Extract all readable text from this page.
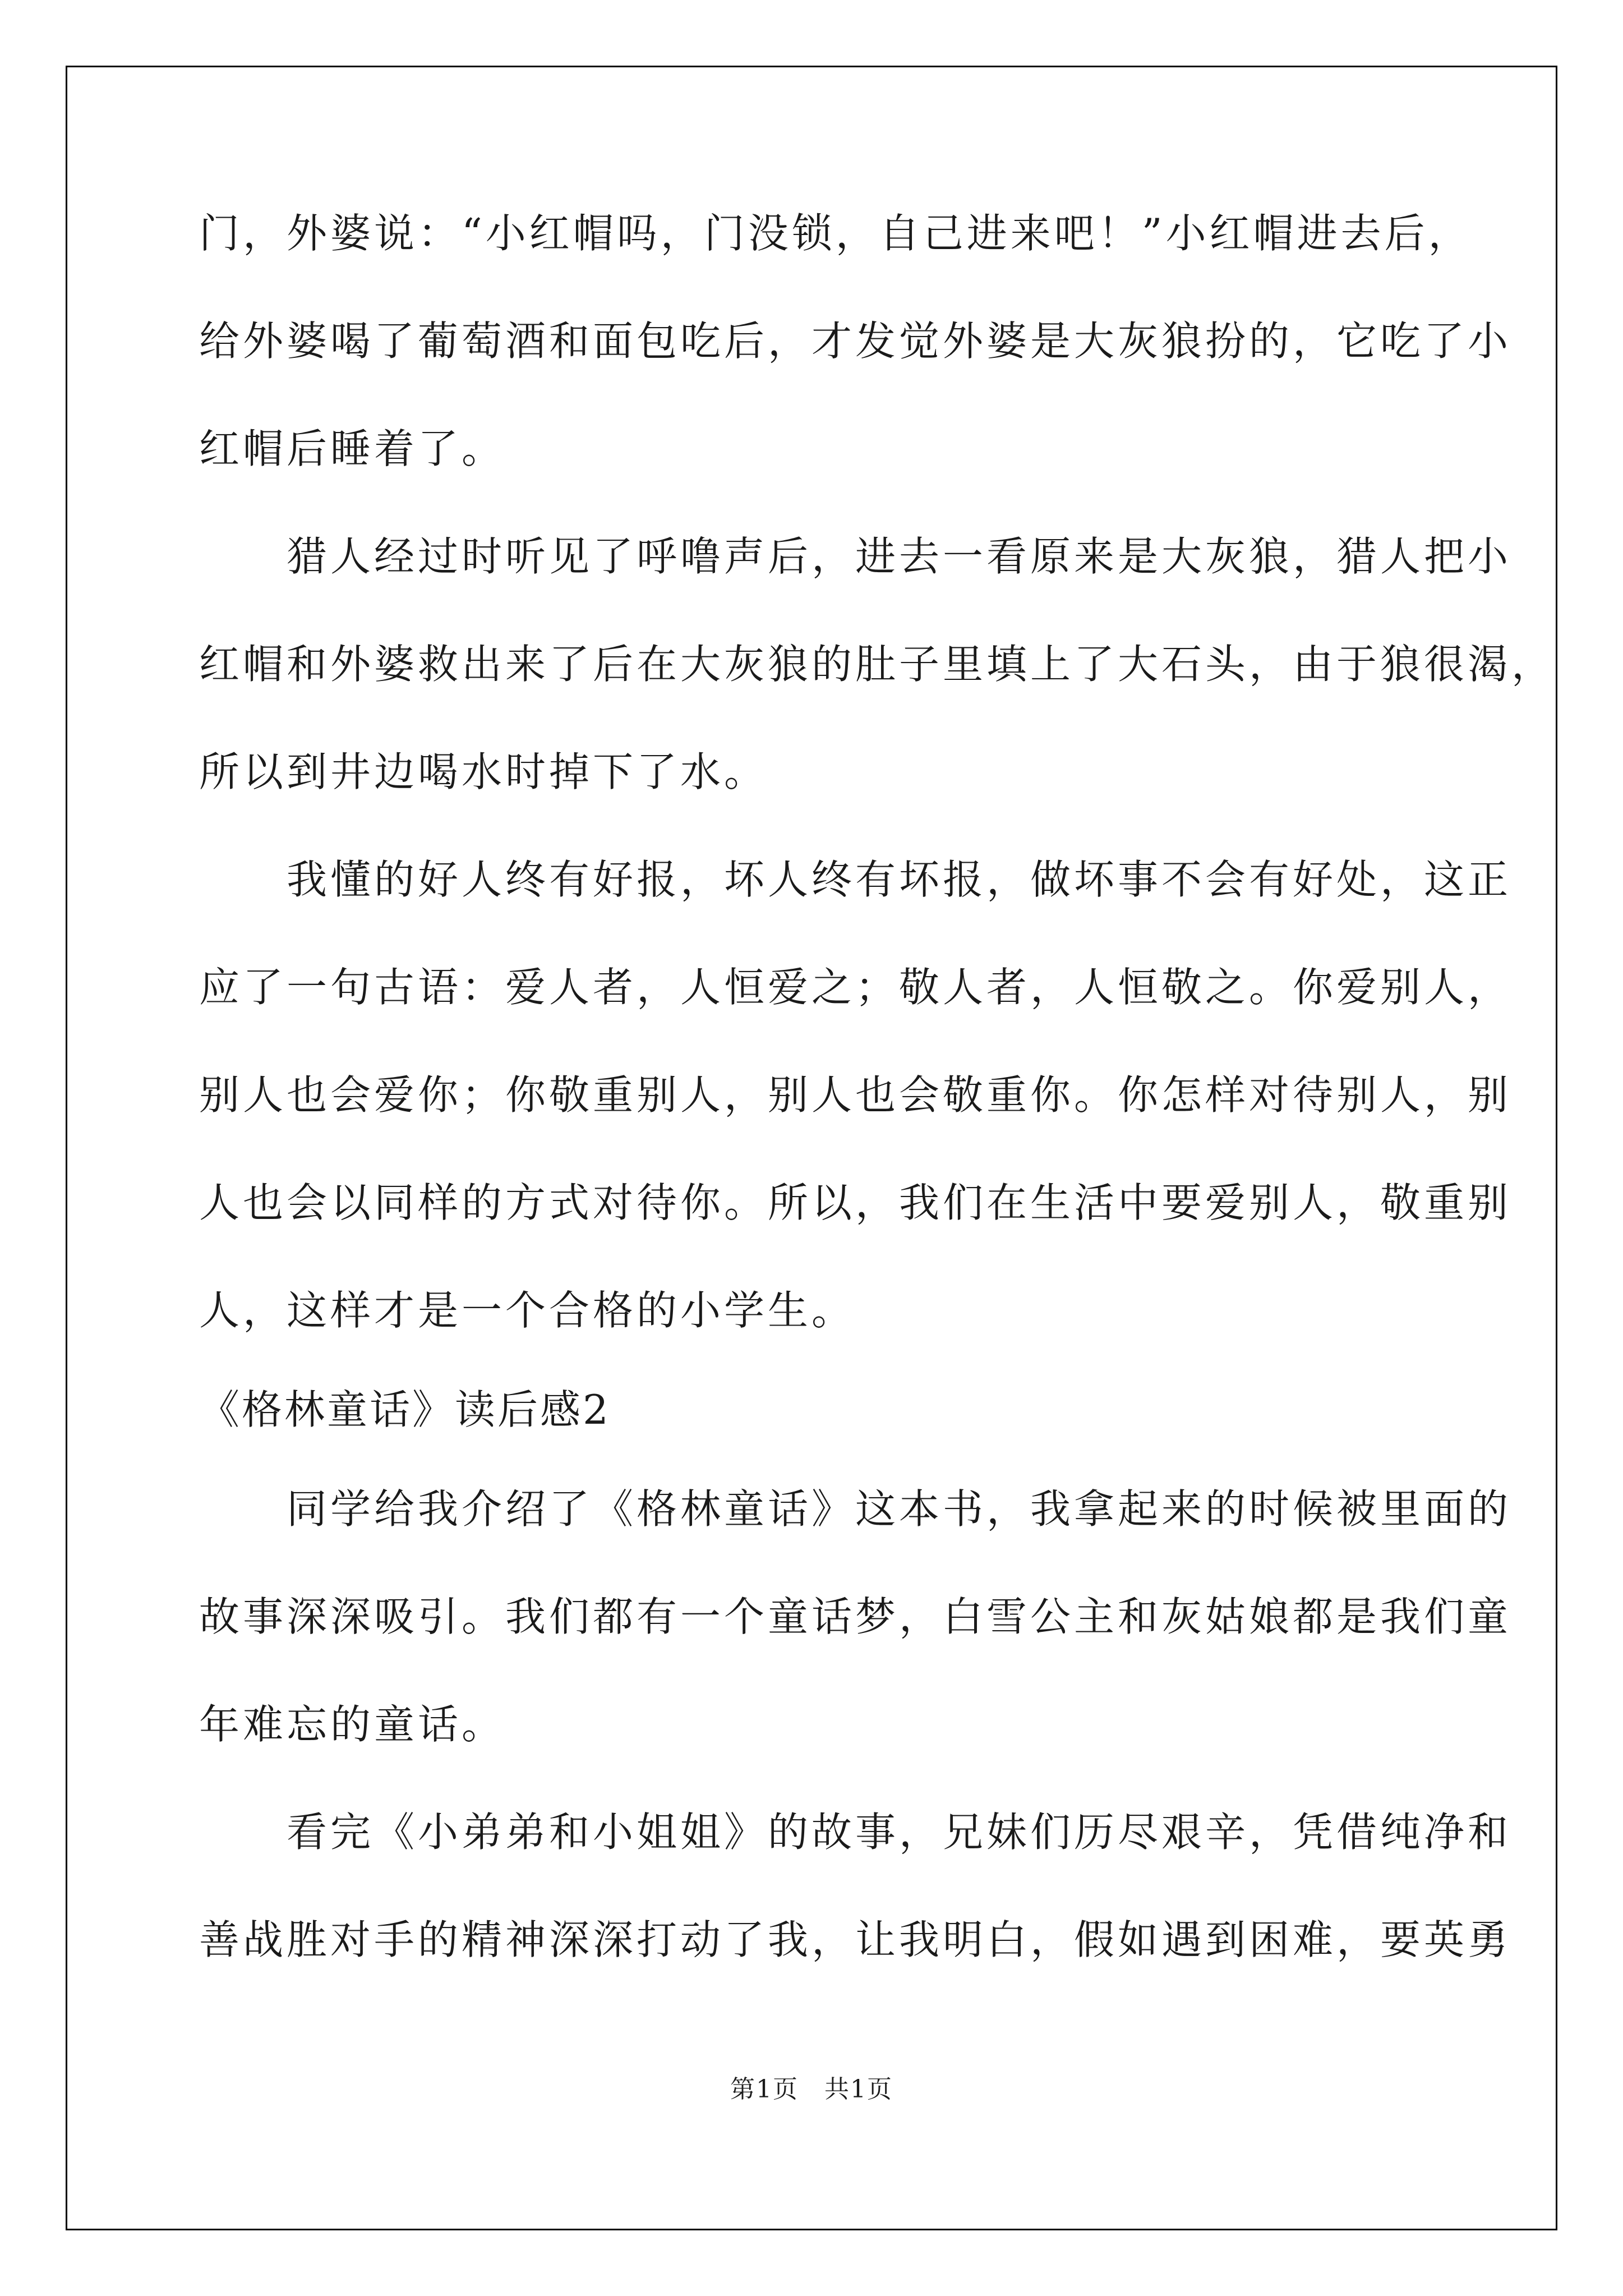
门，外婆说：“小红帽吗，门没锁，自己进来吧！”小红帽进去后，
给外婆喝了葡萄酒和面包吃后，才发觉外婆是大灰狼扮的，它吃了小
红帽后睡着了。
　　猎人经过时听见了呼噜声后，进去一看原来是大灰狼，猎人把小
红帽和外婆救出来了后在大灰狼的肚子里填上了大石头，由于狼很渴，
所以到井边喝水时掉下了水。
　　我懂的好人终有好报，坏人终有坏报，做坏事不会有好处，这正
应了一句古语：爱人者，人恒爱之；敬人者，人恒敬之。你爱别人，
别人也会爱你；你敬重别人，别人也会敬重你。你怎样对待别人，别
人也会以同样的方式对待你。所以，我们在生活中要爱别人，敬重别
人，这样才是一个合格的小学生。
《格林童话》读后感2
　　同学给我介绍了《格林童话》这本书，我拿起来的时候被里面的
故事深深吸引。我们都有一个童话梦，白雪公主和灰姑娘都是我们童
年难忘的童话。
　　看完《小弟弟和小姐姐》的故事，兄妹们历尽艰辛，凭借纯净和
善战胜对手的精神深深打动了我，让我明白，假如遇到困难，要英勇
第1页　共1页
